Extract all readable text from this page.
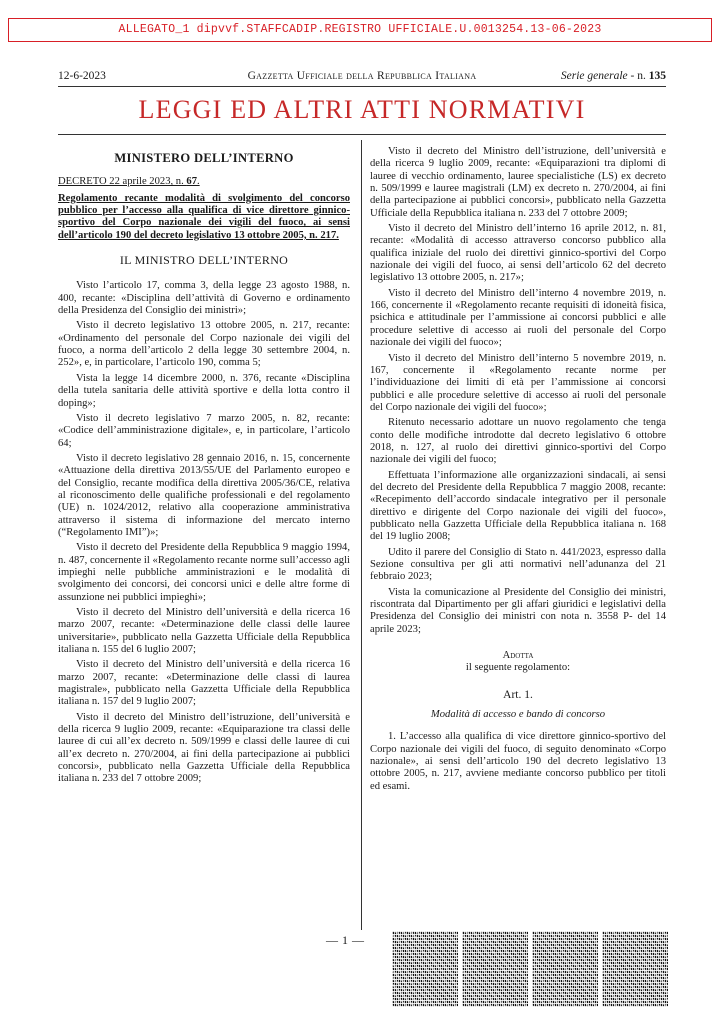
ALLEGATO_1 dipvvf.STAFFCADIP.REGISTRO UFFICIALE.U.0013254.13-06-2023
12-6-2023	Gazzetta Ufficiale della Repubblica Italiana	Serie generale - n. 135
LEGGI ED ALTRI ATTI NORMATIVI
MINISTERO DELL’INTERNO
DECRETO 22 aprile 2023, n. 67.
Regolamento recante modalità di svolgimento del concorso pubblico per l’accesso alla qualifica di vice direttore ginnico-sportivo del Corpo nazionale dei vigili del fuoco, ai sensi dell’articolo 190 del decreto legislativo 13 ottobre 2005, n. 217.
IL MINISTRO DELL’INTERNO

Visto l’articolo 17, comma 3, della legge 23 agosto 1988, n. 400, recante: «Disciplina dell’attività di Governo e ordinamento della Presidenza del Consiglio dei ministri»;

Visto il decreto legislativo 13 ottobre 2005, n. 217, recante: «Ordinamento del personale del Corpo nazionale dei vigili del fuoco, a norma dell’articolo 2 della legge 30 settembre 2004, n. 252», e, in particolare, l’articolo 190, comma 5;

Vista la legge 14 dicembre 2000, n. 376, recante «Disciplina della tutela sanitaria delle attività sportive e della lotta contro il doping»;

Visto il decreto legislativo 7 marzo 2005, n. 82, recante: «Codice dell’amministrazione digitale», e, in particolare, l’articolo 64;

Visto il decreto legislativo 28 gennaio 2016, n. 15, concernente «Attuazione della direttiva 2013/55/UE del Parlamento europeo e del Consiglio, recante modifica della direttiva 2005/36/CE, relativa al riconoscimento delle qualifiche professionali e del regolamento (UE) n. 1024/2012, relativo alla cooperazione amministrativa attraverso il sistema di informazione del mercato interno (“Regolamento IMI”)»;

Visto il decreto del Presidente della Repubblica 9 maggio 1994, n. 487, concernente il «Regolamento recante norme sull’accesso agli impieghi nelle pubbliche amministrazioni e le modalità di svolgimento dei concorsi, dei concorsi unici e delle altre forme di assunzione nei pubblici impieghi»;

Visto il decreto del Ministro dell’università e della ricerca 16 marzo 2007, recante: «Determinazione delle classi delle lauree universitarie», pubblicato nella Gazzetta Ufficiale della Repubblica italiana n. 155 del 6 luglio 2007;

Visto il decreto del Ministro dell’università e della ricerca 16 marzo 2007, recante: «Determinazione delle classi di laurea magistrale», pubblicato nella Gazzetta Ufficiale della Repubblica italiana n. 157 del 9 luglio 2007;

Visto il decreto del Ministro dell’istruzione, dell’università e della ricerca 9 luglio 2009, recante: «Equiparazione tra classi delle lauree di cui all’ex decreto n. 509/1999 e classi delle lauree di cui all’ex decreto n. 270/2004, ai fini della partecipazione ai pubblici concorsi», pubblicato nella Gazzetta Ufficiale della Repubblica italiana n. 233 del 7 ottobre 2009;

Visto il decreto del Ministro dell’istruzione, dell’università e della ricerca 9 luglio 2009, recante: «Equiparazioni tra diplomi di lauree di vecchio ordinamento, lauree specialistiche (LS) ex decreto n. 509/1999 e lauree magistrali (LM) ex decreto n. 270/2004, ai fini della partecipazione ai pubblici concorsi», pubblicato nella Gazzetta Ufficiale della Repubblica italiana n. 233 del 7 ottobre 2009;

Visto il decreto del Ministro dell’interno 16 aprile 2012, n. 81, recante: «Modalità di accesso attraverso concorso pubblico alla qualifica iniziale del ruolo dei direttivi ginnico-sportivi del Corpo nazionale dei vigili del fuoco, ai sensi dell’articolo 62 del decreto legislativo 13 ottobre 2005, n. 217»;

Visto il decreto del Ministro dell’interno 4 novembre 2019, n. 166, concernente il «Regolamento recante requisiti di idoneità fisica, psichica e attitudinale per l’ammissione ai concorsi pubblici e alle procedure selettive di accesso ai ruoli del personale del Corpo nazionale dei vigili del fuoco»;

Visto il decreto del Ministro dell’interno 5 novembre 2019, n. 167, concernente il «Regolamento recante norme per l’individuazione dei limiti di età per l’ammissione ai concorsi pubblici e alle procedure selettive di accesso ai ruoli del personale del Corpo nazionale dei vigili del fuoco»;

Ritenuto necessario adottare un nuovo regolamento che tenga conto delle modifiche introdotte dal decreto legislativo 6 ottobre 2018, n. 127, al ruolo dei direttivi ginnico-sportivi del Corpo nazionale dei vigili del fuoco;

Effettuata l’informazione alle organizzazioni sindacali, ai sensi del decreto del Presidente della Repubblica 7 maggio 2008, recante: «Recepimento dell’accordo sindacale integrativo per il personale direttivo e dirigente del Corpo nazionale dei vigili del fuoco», pubblicato nella Gazzetta Ufficiale della Repubblica italiana n. 168 del 19 luglio 2008;

Udito il parere del Consiglio di Stato n. 441/2023, espresso dalla Sezione consultiva per gli atti normativi nell’adunanza del 21 febbraio 2023;

Vista la comunicazione al Presidente del Consiglio dei ministri, riscontrata dal Dipartimento per gli affari giuridici e legislativi della Presidenza del Consiglio dei ministri con nota n. 3558 P- del 14 aprile 2023;

Adotta
il seguente regolamento:
Art. 1.
Modalità di accesso e bando di concorso

1. L’accesso alla qualifica di vice direttore ginnico-sportivo del Corpo nazionale dei vigili del fuoco, di seguito denominato «Corpo nazionale», ai sensi dell’articolo 190 del decreto legislativo 13 ottobre 2005, n. 217, avviene mediante concorso pubblico per titoli ed esami.

— 1 —
